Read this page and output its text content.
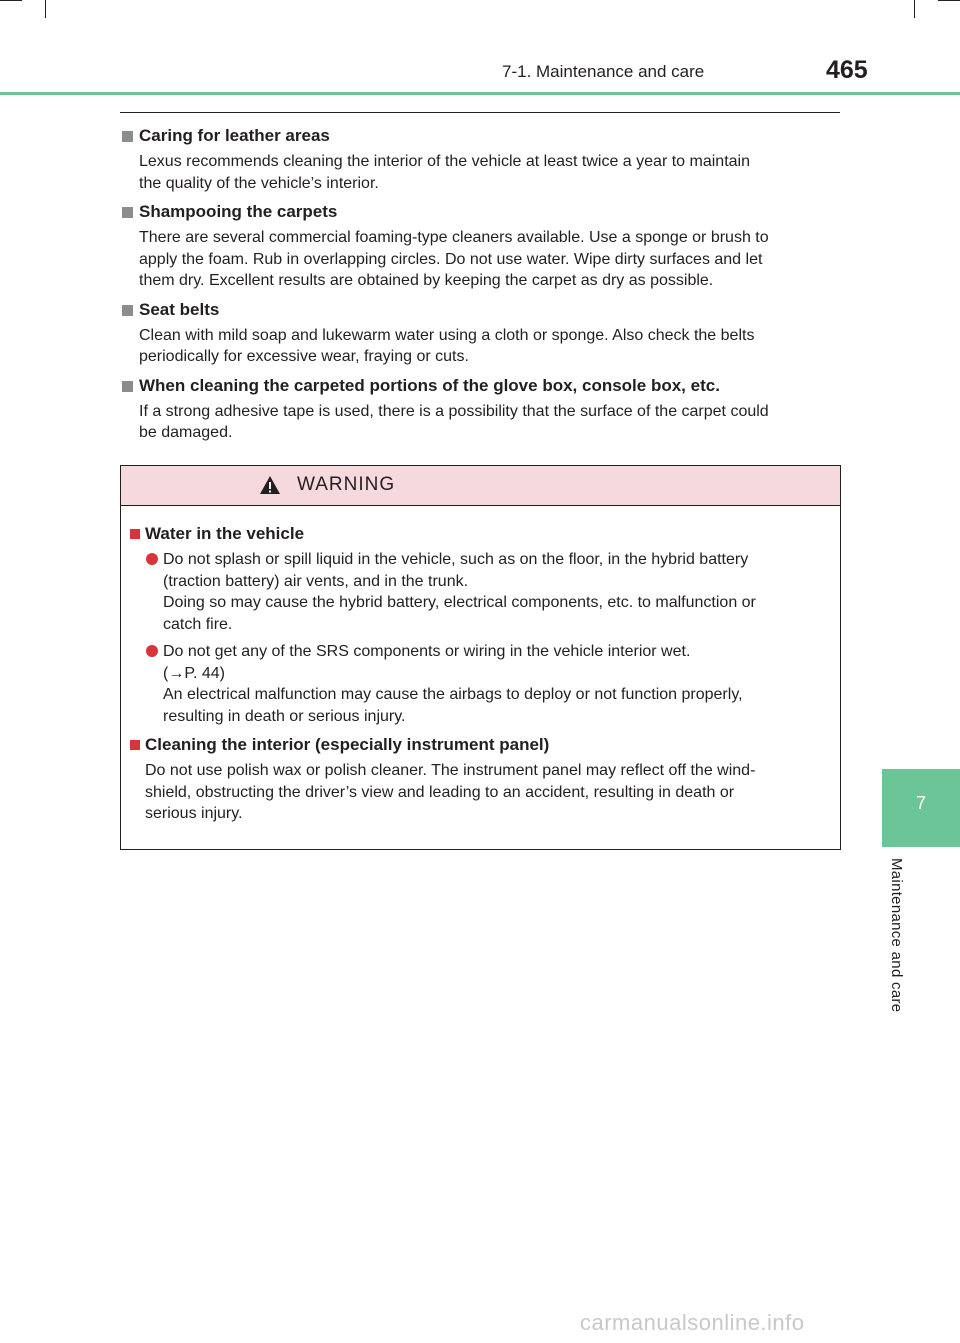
7-1. Maintenance and care	465
7
Maintenance and care
Caring for leather areas
Lexus recommends cleaning the interior of the vehicle at least twice a year to maintain
the quality of the vehicle’s interior.
Shampooing the carpets
There are several commercial foaming-type cleaners available. Use a sponge or brush to
apply the foam. Rub in overlapping circles. Do not use water. Wipe dirty surfaces and let
them dry. Excellent results are obtained by keeping the carpet as dry as possible.
Seat belts
Clean with mild soap and lukewarm water using a cloth or sponge. Also check the belts
periodically for excessive wear, fraying or cuts.
When cleaning the carpeted portions of the glove box, console box, etc.
If a strong adhesive tape is used, there is a possibility that the surface of the carpet could
be damaged.
WARNING
Water in the vehicle
Do not splash or spill liquid in the vehicle, such as on the floor, in the hybrid battery
(traction battery) air vents, and in the trunk.
Doing so may cause the hybrid battery, electrical components, etc. to malfunction or
catch fire.
Do not get any of the SRS components or wiring in the vehicle interior wet.
(→P. 44)
An electrical malfunction may cause the airbags to deploy or not function properly,
resulting in death or serious injury.
Cleaning the interior (especially instrument panel)
Do not use polish wax or polish cleaner. The instrument panel may reflect off the wind-
shield, obstructing the driver’s view and leading to an accident, resulting in death or
serious injury.
carmanualsonline.info
